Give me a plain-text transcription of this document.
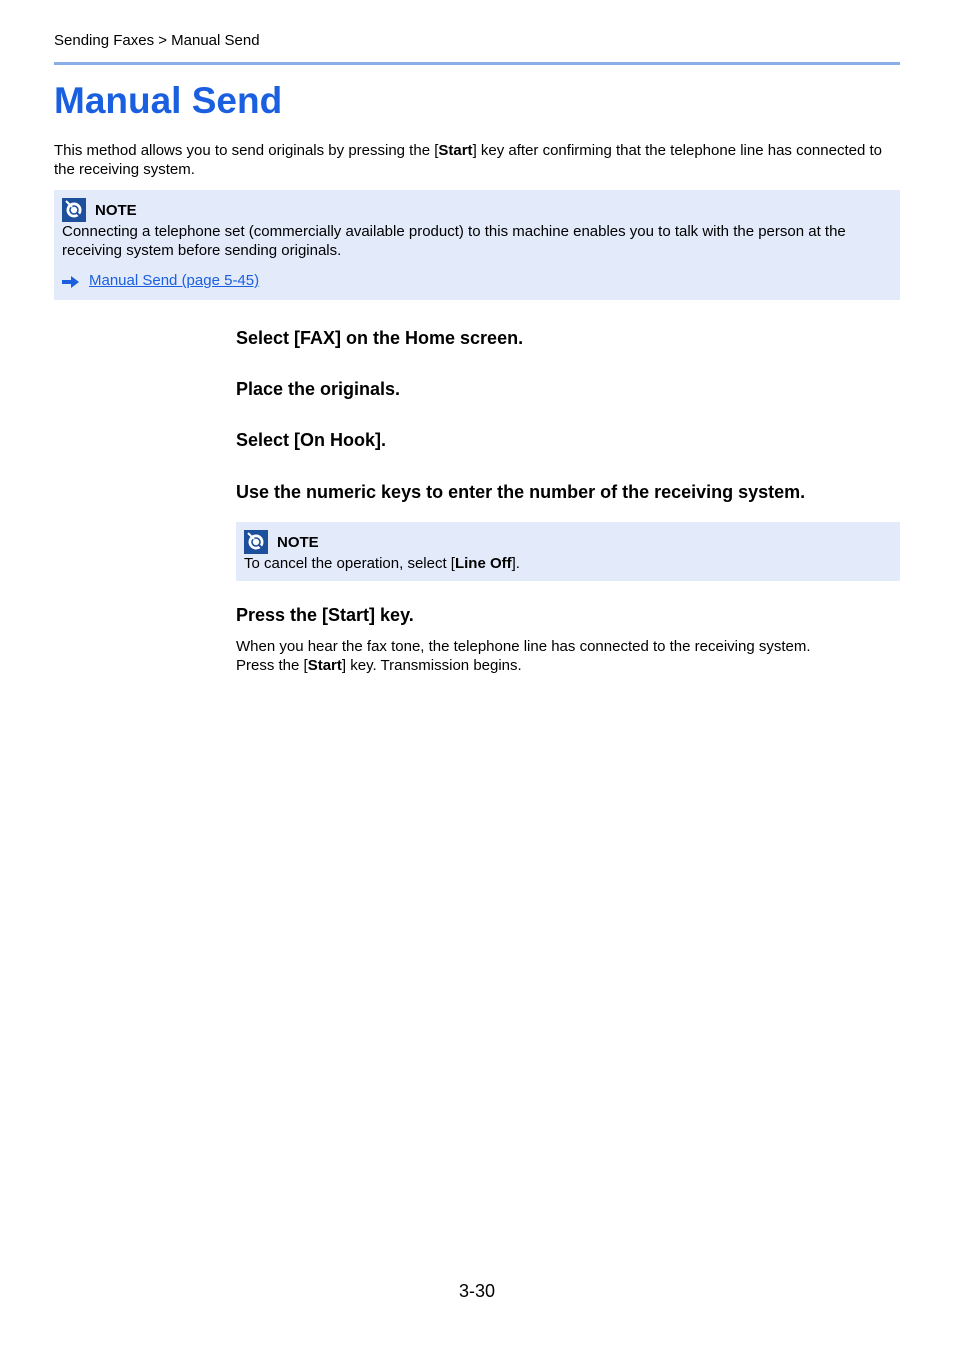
Sending Faxes > Manual Send
Manual Send
This method allows you to send originals by pressing the [Start] key after confirming that the telephone line has connected to the receiving system.
NOTE
Connecting a telephone set (commercially available product) to this machine enables you to talk with the person at the receiving system before sending originals.
Manual Send (page 5-45)
Select [FAX] on the Home screen.
Place the originals.
Select [On Hook].
Use the numeric keys to enter the number of the receiving system.
NOTE
To cancel the operation, select [Line Off].
Press the [Start] key.
When you hear the fax tone, the telephone line has connected to the receiving system.
Press the [Start] key. Transmission begins.
3-30
